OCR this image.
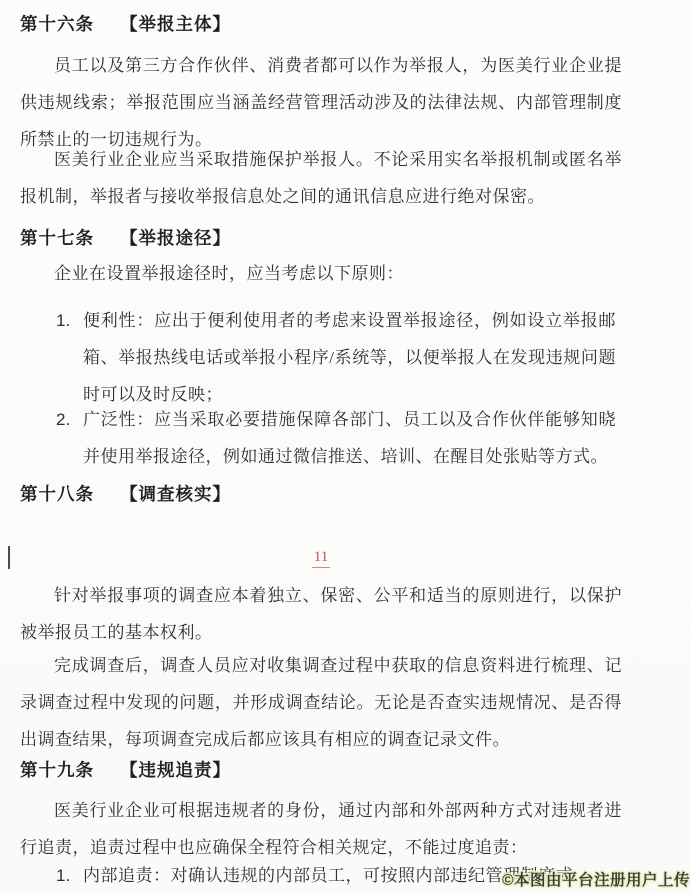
第十六条 【举报主体】
员工以及第三方合作伙伴、消费者都可以作为举报人，为医美行业企业提供违规线索；举报范围应当涵盖经营管理活动涉及的法律法规、内部管理制度所禁止的一切违规行为。
医美行业企业应当采取措施保护举报人。不论采用实名举报机制或匿名举报机制，举报者与接收举报信息处之间的通讯信息应进行绝对保密。
第十七条 【举报途径】
企业在设置举报途径时，应当考虑以下原则：
1. 便利性：应出于便利使用者的考虑来设置举报途径，例如设立举报邮箱、举报热线电话或举报小程序/系统等，以便举报人在发现违规问题时可以及时反映；
2. 广泛性：应当采取必要措施保障各部门、员工以及合作伙伴能够知晓并使用举报途径，例如通过微信推送、培训、在醒目处张贴等方式。
第十八条 【调查核实】
11
针对举报事项的调查应本着独立、保密、公平和适当的原则进行，以保护被举报员工的基本权利。
完成调查后，调查人员应对收集调查过程中获取的信息资料进行梳理、记录调查过程中发现的问题，并形成调查结论。无论是否查实违规情况、是否得出调查结果，每项调查完成后都应该具有相应的调查记录文件。
第十九条 【违规追责】
医美行业企业可根据违规者的身份，通过内部和外部两种方式对违规者进行追责，追责过程中也应确保全程符合相关规定，不能过度追责：
1. 内部追责：对确认违规的内部员工，可按照内部违纪管理制度或
©本图由平台注册用户上传
